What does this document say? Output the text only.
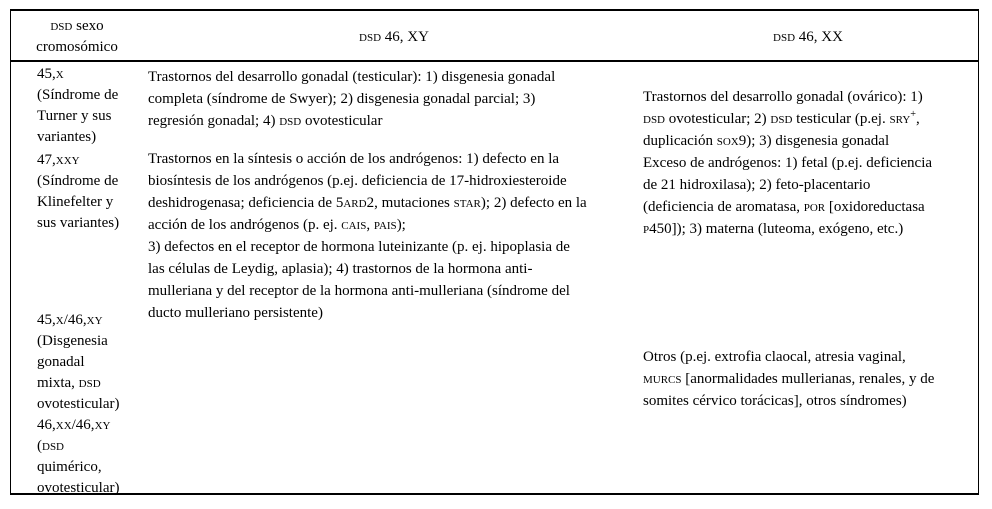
dsd sexo
cromosómico
dsd 46, XY	dsd 46, XX
45,x
(Síndrome de
Turner y sus
variantes)
47,xxy
(Síndrome de
Klinefelter y
sus variantes)
45,x/46,xy
(Disgenesia
gonadal
mixta, dsd
ovotesticular)
46,xx/46,xy
(dsd
quimérico,
ovotesticular)
Trastornos del desarrollo gonadal (testicular): 1) disgenesia gonadal
completa (síndrome de Swyer); 2) disgenesia gonadal parcial; 3)
regresión gonadal; 4) dsd ovotesticular
Trastornos en la síntesis o acción de los andrógenos: 1) defecto en la
biosíntesis de los andrógenos (p.ej. deficiencia de 17-hidroxiesteroide
deshidrogenasa; deficiencia de 5ard2, mutaciones star); 2) defecto en la
acción de los andrógenos (p. ej. cais, pais);
3) defectos en el receptor de hormona luteinizante (p. ej. hipoplasia de
las células de Leydig, aplasia); 4) trastornos de la hormona anti-
mulleriana y del receptor de la hormona anti-mulleriana (síndrome del
ducto mulleriano persistente)
Trastornos del desarrollo gonadal (ovárico): 1)
dsd ovotesticular; 2) dsd testicular (p.ej. sry+,
duplicación sox9); 3) disgenesia gonadal
Exceso de andrógenos: 1) fetal (p.ej. deficiencia
de 21 hidroxilasa); 2) feto-placentario
(deficiencia de aromatasa, por [oxidoreductasa
p450]); 3) materna (luteoma, exógeno, etc.)
Otros (p.ej. extrofia claocal, atresia vaginal,
murcs [anormalidades mullerianas, renales, y de
somites cérvico torácicas], otros síndromes)
